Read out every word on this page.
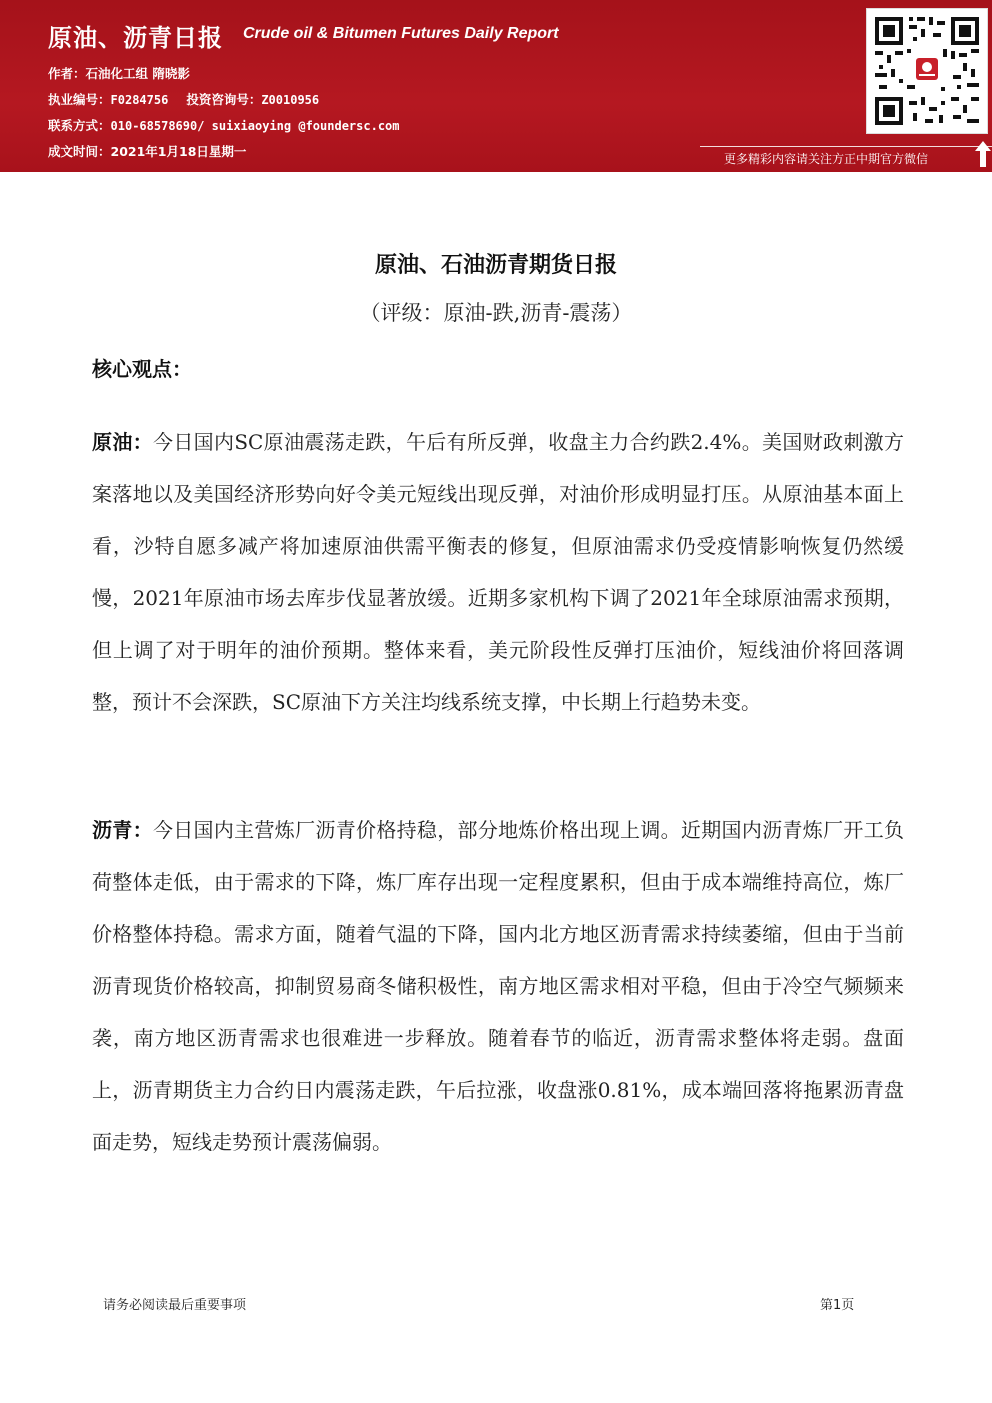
原油、沥青日报 Crude oil & Bitumen Futures Daily Report
作者：石油化工组 隋晓影
执业编号：F0284756 投资咨询号：Z0010956
联系方式：010-68578690/ suixiaoying @foundersc.com
成文时间：2021年1月18日星期一	更多精彩内容请关注方正中期官方微信
原油、石油沥青期货日报
（评级：原油-跌,沥青-震荡）
核心观点：

原油：今日国内SC原油震荡走跌，午后有所反弹，收盘主力合约跌2.4%。美国财政刺激方案落地以及美国经济形势向好令美元短线出现反弹，对油价形成明显打压。从原油基本面上看，沙特自愿多减产将加速原油供需平衡表的修复，但原油需求仍受疫情影响恢复仍然缓慢，2021年原油市场去库步伐显著放缓。近期多家机构下调了2021年全球原油需求预期，但上调了对于明年的油价预期。整体来看，美元阶段性反弹打压油价，短线油价将回落调整，预计不会深跌，SC原油下方关注均线系统支撑，中长期上行趋势未变。

沥青：今日国内主营炼厂沥青价格持稳，部分地炼价格出现上调。近期国内沥青炼厂开工负荷整体走低，由于需求的下降，炼厂库存出现一定程度累积，但由于成本端维持高位，炼厂价格整体持稳。需求方面，随着气温的下降，国内北方地区沥青需求持续萎缩，但由于当前沥青现货价格较高，抑制贸易商冬储积极性，南方地区需求相对平稳，但由于冷空气频频来袭，南方地区沥青需求也很难进一步释放。随着春节的临近，沥青需求整体将走弱。盘面上，沥青期货主力合约日内震荡走跌，午后拉涨，收盘涨0.81%，成本端回落将拖累沥青盘面走势，短线走势预计震荡偏弱。

请务必阅读最后重要事项	第1页
